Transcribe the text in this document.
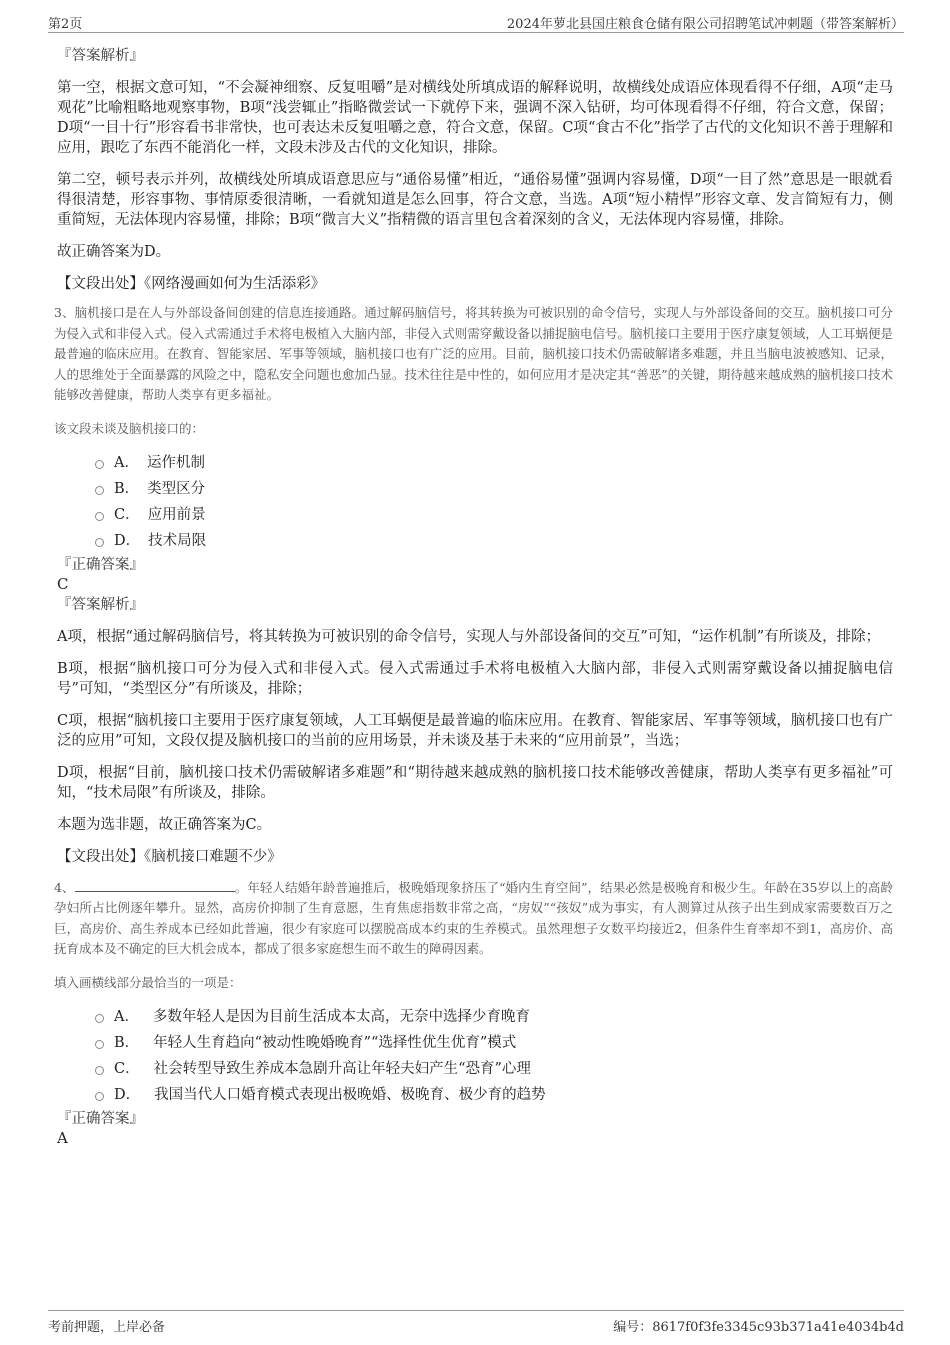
第2页	2024年萝北县国庄粮食仓储有限公司招聘笔试冲刺题（带答案解析）
『答案解析』

第一空，根据文意可知，“不会凝神细察、反复咀嚼”是对横线处所填成语的解释说明，故横线处成语应体现看得不仔细，A项“走马观花”比喻粗略地观察事物，B项“浅尝辄止”指略微尝试一下就停下来，强调不深入钻研，均可体现看得不仔细，符合文意，保留；D项“一目十行”形容看书非常快，也可表达未反复咀嚼之意，符合文意，保留。C项“食古不化”指学了古代的文化知识不善于理解和应用，跟吃了东西不能消化一样，文段未涉及古代的文化知识，排除。

第二空，顿号表示并列，故横线处所填成语意思应与“通俗易懂”相近，“通俗易懂”强调内容易懂，D项“一目了然”意思是一眼就看得很清楚，形容事物、事情原委很清晰，一看就知道是怎么回事，符合文意，当选。A项“短小精悍”形容文章、发言简短有力，侧重简短，无法体现内容易懂，排除；B项“微言大义”指精微的语言里包含着深刻的含义，无法体现内容易懂，排除。

故正确答案为D。

【文段出处】《网络漫画如何为生活添彩》

3、脑机接口是在人与外部设备间创建的信息连接通路。通过解码脑信号，将其转换为可被识别的命令信号，实现人与外部设备间的交互。脑机接口可分为侵入式和非侵入式。侵入式需通过手术将电极植入大脑内部，非侵入式则需穿戴设备以捕捉脑电信号。脑机接口主要用于医疗康复领域，人工耳蜗便是最普遍的临床应用。在教育、智能家居、军事等领域，脑机接口也有广泛的应用。目前，脑机接口技术仍需破解诸多难题，并且当脑电波被感知、记录，人的思维处于全面暴露的风险之中，隐私安全问题也愈加凸显。技术往往是中性的，如何应用才是决定其“善恶”的关键，期待越来越成熟的脑机接口技术能够改善健康，帮助人类享有更多福祉。

该文段未谈及脑机接口的：
A． 运作机制
B． 类型区分
C． 应用前景
D． 技术局限
『正确答案』
C
『答案解析』

A项，根据“通过解码脑信号，将其转换为可被识别的命令信号，实现人与外部设备间的交互”可知，“运作机制”有所谈及，排除；

B项，根据“脑机接口可分为侵入式和非侵入式。侵入式需通过手术将电极植入大脑内部，非侵入式则需穿戴设备以捕捉脑电信号”可知，“类型区分”有所谈及，排除；

C项，根据“脑机接口主要用于医疗康复领域，人工耳蜗便是最普遍的临床应用。在教育、智能家居、军事等领域，脑机接口也有广泛的应用”可知，文段仅提及脑机接口的当前的应用场景，并未谈及基于未来的“应用前景”，当选；

D项，根据“目前，脑机接口技术仍需破解诸多难题”和“期待越来越成熟的脑机接口技术能够改善健康，帮助人类享有更多福祉”可知，“技术局限”有所谈及，排除。

本题为选非题，故正确答案为C。

【文段出处】《脑机接口难题不少》

4、	。年轻人结婚年龄普遍推后，极晚婚现象挤压了“婚内生育空间”，结果必然是极晚育和极少生。年龄在35岁以上的高龄孕妇所占比例逐年攀升。显然，高房价抑制了生育意愿，生育焦虑指数非常之高，“房奴”“孩奴”成为事实，有人测算过从孩子出生到成家需要数百万之巨，高房价、高生养成本已经如此普遍，很少有家庭可以摆脱高成本约束的生养模式。虽然理想子女数平均接近2，但条件生育率却不到1，高房价、高抚育成本及不确定的巨大机会成本，都成了很多家庭想生而不敢生的障碍因素。

填入画横线部分最恰当的一项是：
A． 多数年轻人是因为目前生活成本太高，无奈中选择少育晚育
B． 年轻人生育趋向“被动性晚婚晚育”“选择性优生优育”模式
C． 社会转型导致生养成本急剧升高让年轻夫妇产生“恐育”心理
D． 我国当代人口婚育模式表现出极晚婚、极晚育、极少育的趋势
『正确答案』
A
考前押题，上岸必备	编号：8617f0f3fe3345c93b371a41e4034b4d
